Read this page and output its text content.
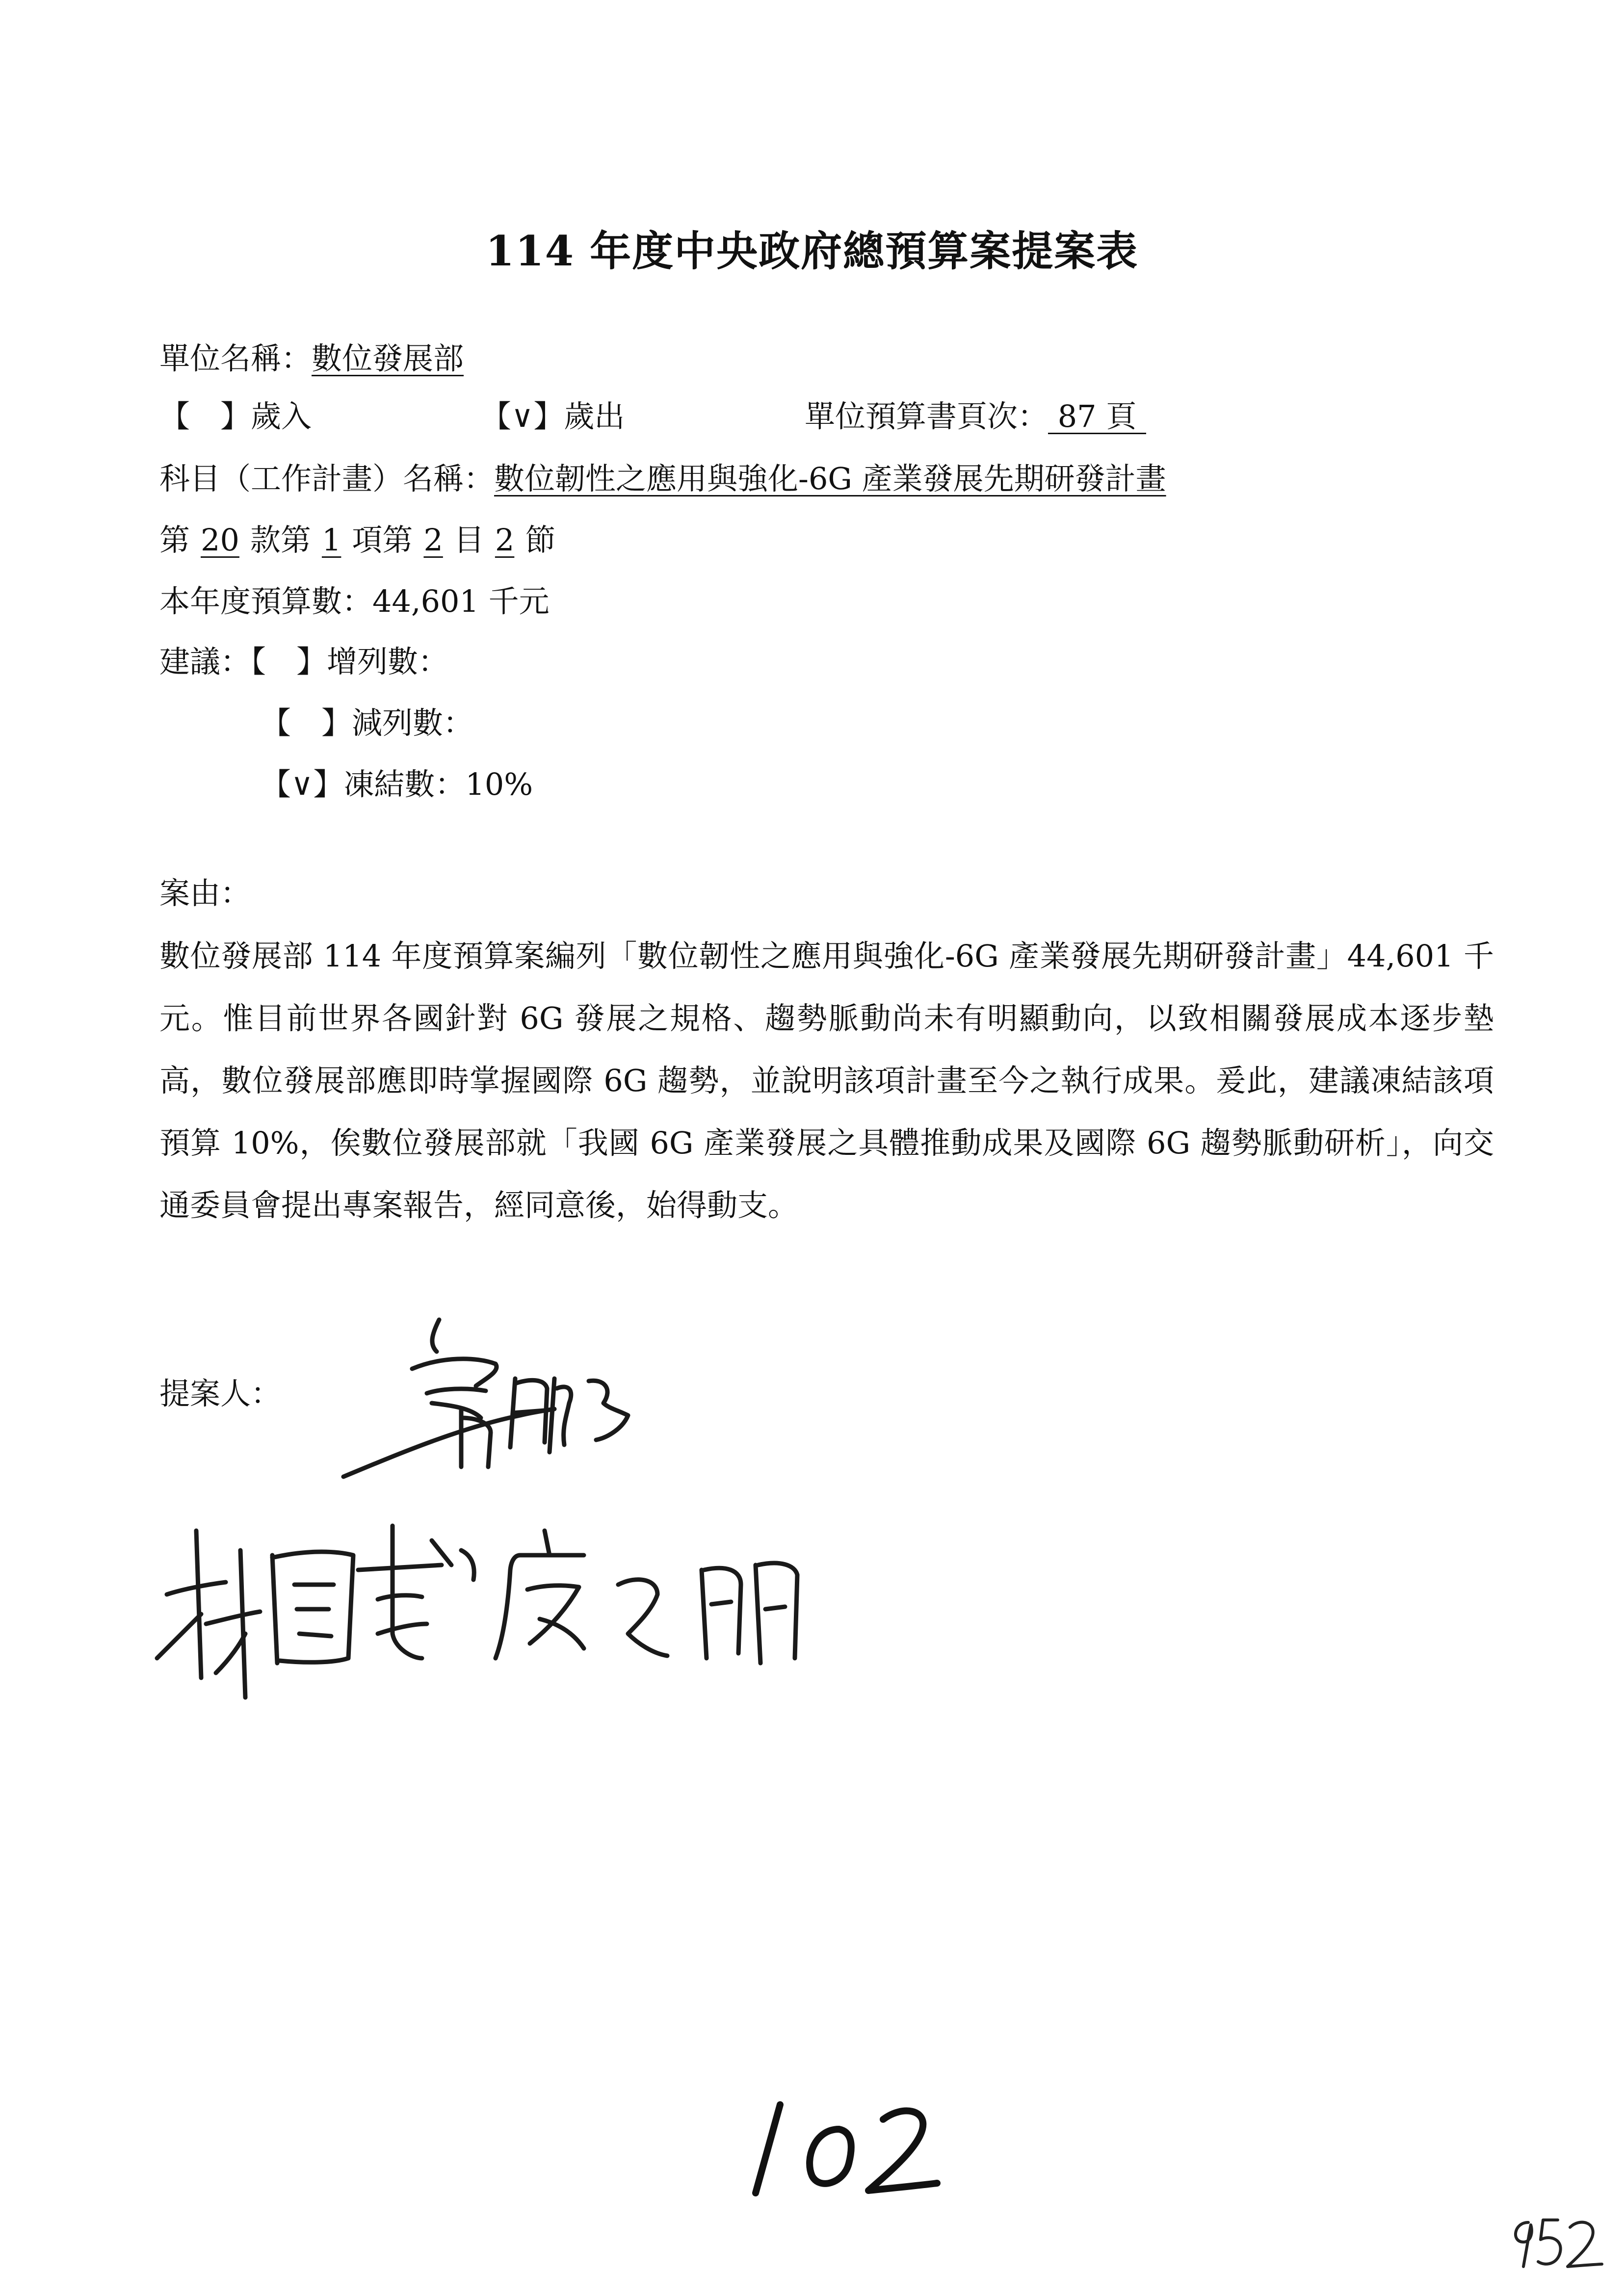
114 年度中央政府總預算案提案表
單位名稱：數位發展部
【　】歲入	【∨】歲出	單位預算書頁次： 87 頁
科目（工作計畫）名稱：數位韌性之應用與強化-6G 產業發展先期研發計畫
第 20 款第 1 項第 2 目 2 節
本年度預算數：44,601 千元
建議：【　】增列數：
【　】減列數：
【∨】凍結數：10%
案由：
數位發展部 114 年度預算案編列「數位韌性之應用與強化-6G 產業發展先期研發計畫」44,601 千元。惟目前世界各國針對 6G 發展之規格、趨勢脈動尚未有明顯動向，以致相關發展成本逐步墊高，數位發展部應即時掌握國際 6G 趨勢，並說明該項計畫至今之執行成果。爰此，建議凍結該項預算 10%，俟數位發展部就「我國 6G 產業發展之具體推動成果及國際 6G 趨勢脈動研析」，向交通委員會提出專案報告，經同意後，始得動支。
提案人：
